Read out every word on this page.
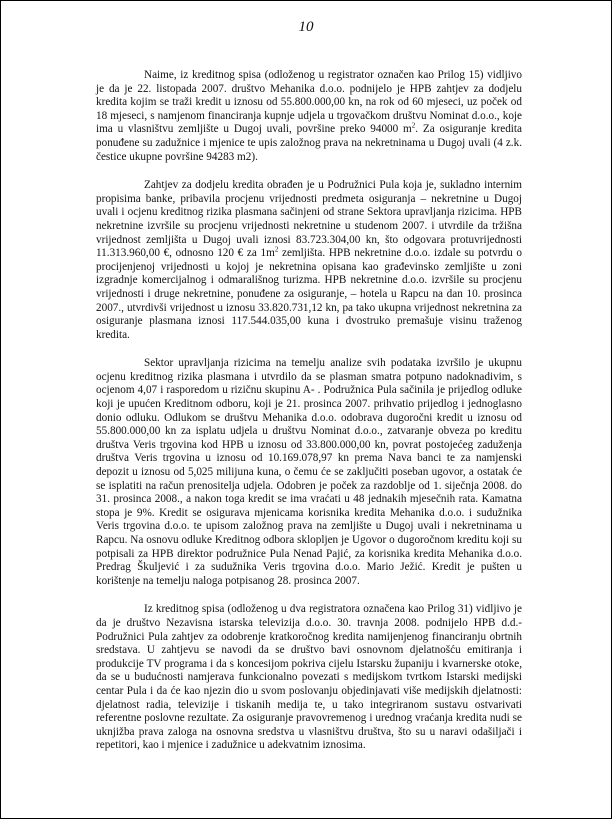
10

Naime, iz kreditnog spisa (odloženog u registrator označen kao Prilog 15) vidljivo je da je 22. listopada 2007. društvo Mehanika d.o.o. podnijelo je HPB zahtjev za dodjelu kredita kojim se traži kredit u iznosu od 55.800.000,00 kn, na rok od 60 mjeseci, uz poček od 18 mjeseci, s namjenom financiranja kupnje udjela u trgovačkom društvu Nominat d.o.o., koje ima u vlasništvu zemljište u Dugoj uvali, površine preko 94000 $m^2$. Za osiguranje kredita ponuđene su zadužnice i mjenice te upis založnog prava na nekretninama u Dugoj uvali (4 z.k. čestice ukupne površine 94283 m2).

Zahtjev za dodjelu kredita obrađen je u Podružnici Pula koja je, sukladno internim propisima banke, pribavila procjenu vrijednosti predmeta osiguranja – nekretnine u Dugoj uvali i ocjenu kreditnog rizika plasmana sačinjeni od strane Sektora upravljanja rizicima. HPB nekretnine izvršile su procjenu vrijednosti nekretnine u studenom 2007. i utvrdile da tržišna vrijednost zemljišta u Dugoj uvali iznosi 83.723.304,00 kn, što odgovara protuvrijednosti 11.313.960,00 €, odnosno 120 € za $1m^2$ zemljišta. HPB nekretnine d.o.o. izdale su potvrdu o procijenjenoj vrijednosti u kojoj je nekretnina opisana kao građevinsko zemljište u zoni izgradnje komercijalnog i odmarališnog turizma. HPB nekretnine d.o.o. izvršile su procjenu vrijednosti i druge nekretnine, ponuđene za osiguranje, – hotela u Rapcu na dan 10. prosinca 2007., utvrdivši vrijednost u iznosu 33.820.731,12 kn, pa tako ukupna vrijednost nekretnina za osiguranje plasmana iznosi 117.544.035,00 kuna i dvostruko premašuje visinu traženog kredita.

Sektor upravljanja rizicima na temelju analize svih podataka izvršilo je ukupnu ocjenu kreditnog rizika plasmana i utvrdilo da se plasman smatra potpuno nadoknadivim, s ocjenom 4,07 i rasporedom u rizičnu skupinu A- . Podružnica Pula sačinila je prijedlog odluke koji je upućen Kreditnom odboru, koji je 21. prosinca 2007. prihvatio prijedlog i jednoglasno donio odluku. Odlukom se društvu Mehanika d.o.o. odobrava dugoročni kredit u iznosu od 55.800.000,00 kn za isplatu udjela u društvu Nominat d.o.o., zatvaranje obveza po kreditu društva Veris trgovina kod HPB u iznosu od 33.800.000,00 kn, povrat postojećeg zaduženja društva Veris trgovina u iznosu od 10.169.078,97 kn prema Nava banci te za namjenski depozit u iznosu od 5,025 milijuna kuna, o čemu će se zaključiti poseban ugovor, a ostatak će se isplatiti na račun prenositelja udjela. Odobren je poček za razdoblje od 1. siječnja 2008. do 31. prosinca 2008., a nakon toga kredit se ima vraćati u 48 jednakih mjesečnih rata. Kamatna stopa je 9%. Kredit se osigurava mjenicama korisnika kredita Mehanika d.o.o. i sudužnika Veris trgovina d.o.o. te upisom založnog prava na zemljište u Dugoj uvali i nekretninama u Rapcu. Na osnovu odluke Kreditnog odbora sklopljen je Ugovor o dugoročnom kreditu koji su potpisali za HPB direktor podružnice Pula Nenad Pajić, za korisnika kredita Mehanika d.o.o. Predrag Škuljević i za sudužnika Veris trgovina d.o.o. Mario Ježić. Kredit je pušten u korištenje na temelju naloga potpisanog 28. prosinca 2007.

Iz kreditnog spisa (odloženog u dva registratora označena kao Prilog 31) vidljivo je da je društvo Nezavisna istarska televizija d.o.o. 30. travnja 2008. podnijelo HPB d.d.-Podružnici Pula zahtjev za odobrenje kratkoročnog kredita namijenjenog financiranju obrtnih sredstava. U zahtjevu se navodi da se društvo bavi osnovnom djelatnošću emitiranja i produkcije TV programa i da s koncesijom pokriva cijelu Istarsku županiju i kvarnerske otoke, da se u budućnosti namjerava funkcionalno povezati s medijskom tvrtkom Istarski medijski centar Pula i da će kao njezin dio u svom poslovanju objedinjavati više medijskih djelatnosti: djelatnost radia, televizije i tiskanih medija te, u tako integriranom sustavu ostvarivati referentne poslovne rezultate. Za osiguranje pravovremenog i urednog vraćanja kredita nudi se uknjižba prava zaloga na osnovna sredstva u vlasništvu društva, što su u naravi odašiljači i repetitori, kao i mjenice i zadužnice u adekvatnim iznosima.
